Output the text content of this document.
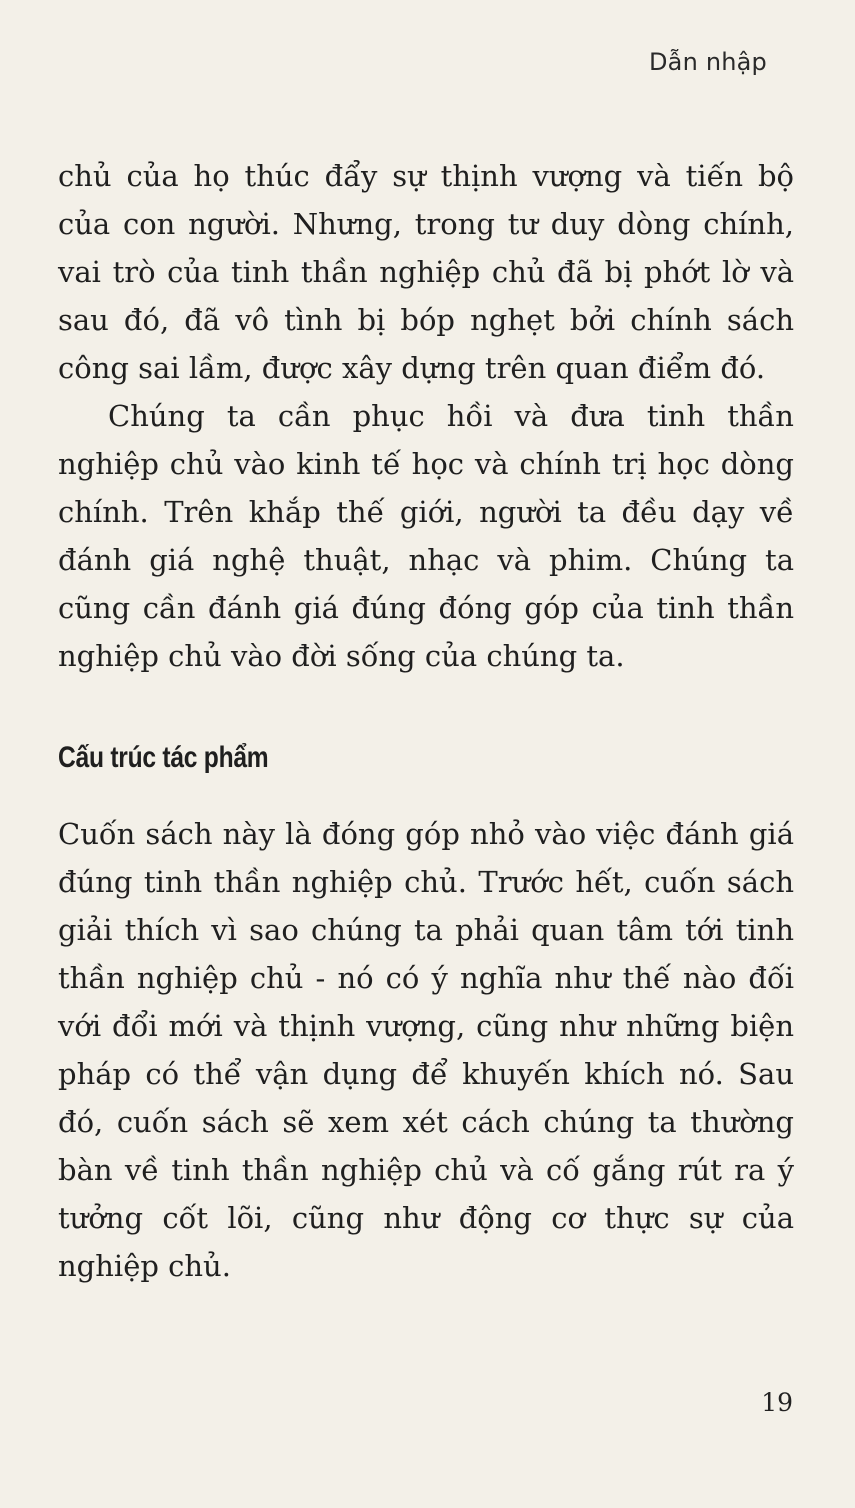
Dẫn nhập

chủ của họ thúc đẩy sự thịnh vượng và tiến bộ của con người. Nhưng, trong tư duy dòng chính, vai trò của tinh thần nghiệp chủ đã bị phớt lờ và sau đó, đã vô tình bị bóp nghẹt bởi chính sách công sai lầm, được xây dựng trên quan điểm đó.

Chúng ta cần phục hồi và đưa tinh thần nghiệp chủ vào kinh tế học và chính trị học dòng chính. Trên khắp thế giới, người ta đều dạy về đánh giá nghệ thuật, nhạc và phim. Chúng ta cũng cần đánh giá đúng đóng góp của tinh thần nghiệp chủ vào đời sống của chúng ta.

Cấu trúc tác phẩm

Cuốn sách này là đóng góp nhỏ vào việc đánh giá đúng tinh thần nghiệp chủ. Trước hết, cuốn sách giải thích vì sao chúng ta phải quan tâm tới tinh thần nghiệp chủ - nó có ý nghĩa như thế nào đối với đổi mới và thịnh vượng, cũng như những biện pháp có thể vận dụng để khuyến khích nó. Sau đó, cuốn sách sẽ xem xét cách chúng ta thường bàn về tinh thần nghiệp chủ và cố gắng rút ra ý tưởng cốt lõi, cũng như động cơ thực sự của nghiệp chủ.

19
